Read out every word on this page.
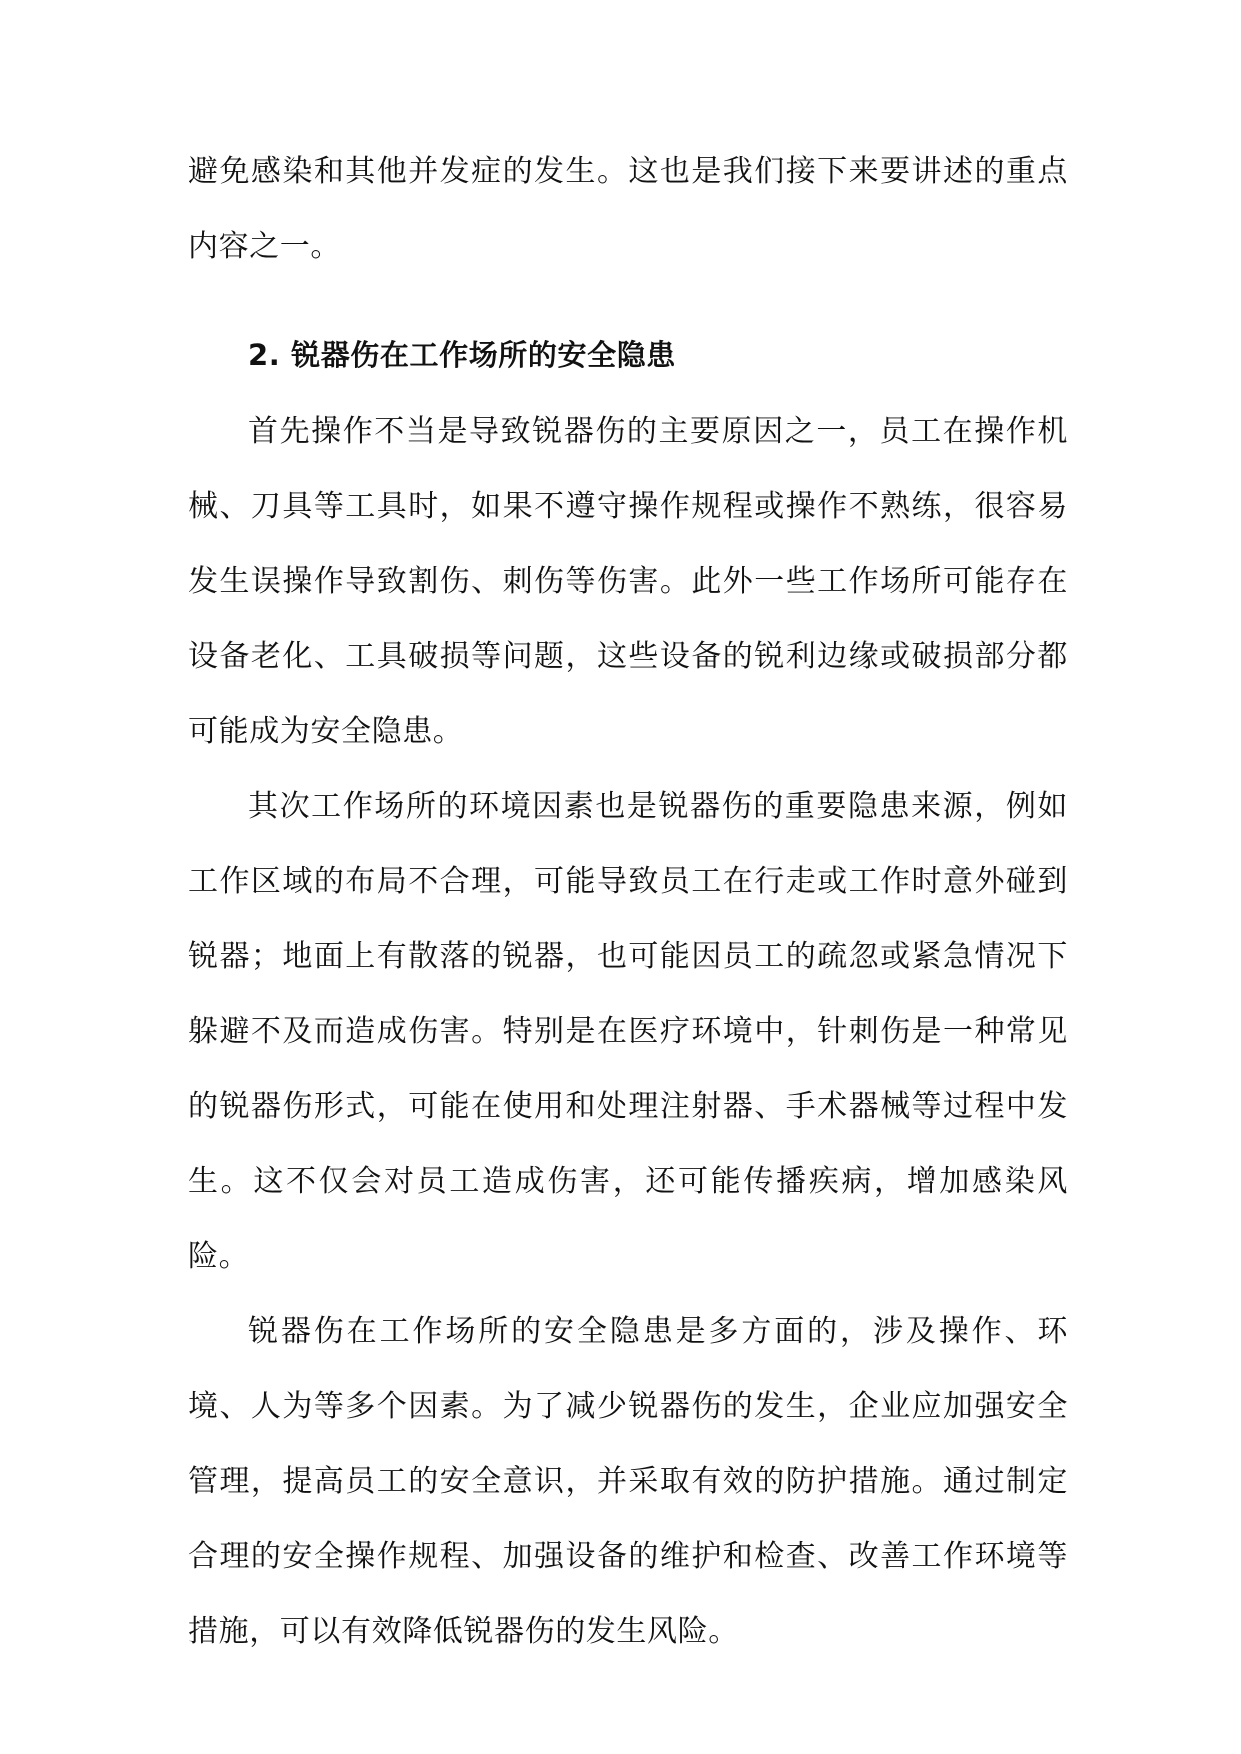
避免感染和其他并发症的发生。这也是我们接下来要讲述的重点内容之一。

2. 锐器伤在工作场所的安全隐患

首先操作不当是导致锐器伤的主要原因之一，员工在操作机械、刀具等工具时，如果不遵守操作规程或操作不熟练，很容易发生误操作导致割伤、刺伤等伤害。此外一些工作场所可能存在设备老化、工具破损等问题，这些设备的锐利边缘或破损部分都可能成为安全隐患。

其次工作场所的环境因素也是锐器伤的重要隐患来源，例如工作区域的布局不合理，可能导致员工在行走或工作时意外碰到锐器；地面上有散落的锐器，也可能因员工的疏忽或紧急情况下躲避不及而造成伤害。特别是在医疗环境中，针刺伤是一种常见的锐器伤形式，可能在使用和处理注射器、手术器械等过程中发生。这不仅会对员工造成伤害，还可能传播疾病，增加感染风险。

锐器伤在工作场所的安全隐患是多方面的，涉及操作、环境、人为等多个因素。为了减少锐器伤的发生，企业应加强安全管理，提高员工的安全意识，并采取有效的防护措施。通过制定合理的安全操作规程、加强设备的维护和检查、改善工作环境等措施，可以有效降低锐器伤的发生风险。
